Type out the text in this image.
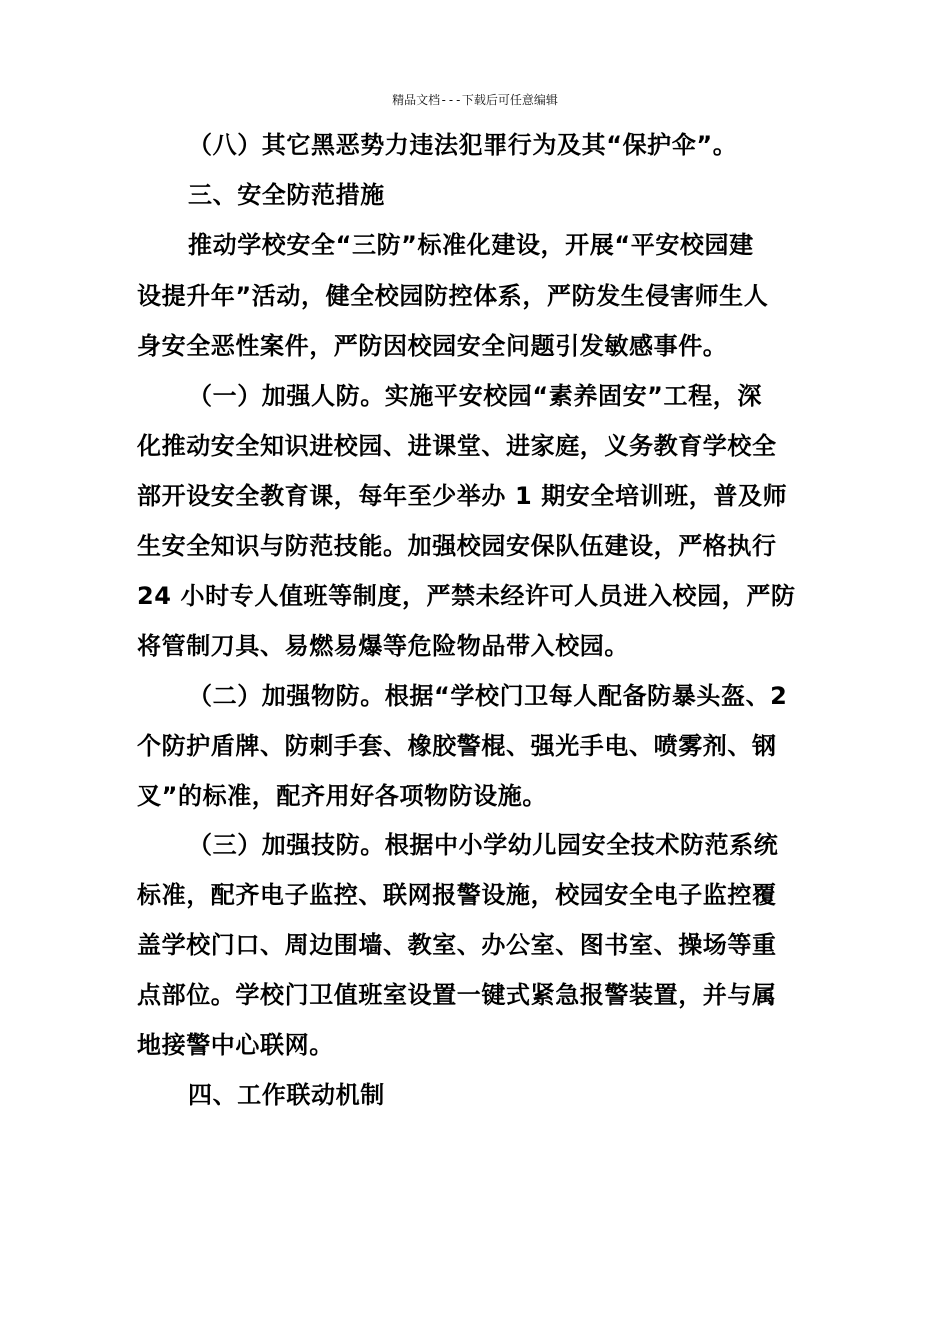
精品文档---下载后可任意编辑

（八）其它黑恶势力违法犯罪行为及其“保护伞”。

三、安全防范措施

推动学校安全“三防”标准化建设，开展“平安校园建

设提升年”活动，健全校园防控体系，严防发生侵害师生人

身安全恶性案件，严防因校园安全问题引发敏感事件。

（一）加强人防。实施平安校园“素养固安”工程，深

化推动安全知识进校园、进课堂、进家庭，义务教育学校全

部开设安全教育课，每年至少举办 1 期安全培训班，普及师

生安全知识与防范技能。加强校园安保队伍建设，严格执行

24 小时专人值班等制度，严禁未经许可人员进入校园，严防

将管制刀具、易燃易爆等危险物品带入校园。

（二）加强物防。根据“学校门卫每人配备防暴头盔、2

个防护盾牌、防刺手套、橡胶警棍、强光手电、喷雾剂、钢

叉”的标准，配齐用好各项物防设施。

（三）加强技防。根据中小学幼儿园安全技术防范系统

标准，配齐电子监控、联网报警设施，校园安全电子监控覆

盖学校门口、周边围墙、教室、办公室、图书室、操场等重

点部位。学校门卫值班室设置一键式紧急报警装置，并与属

地接警中心联网。

四、工作联动机制
